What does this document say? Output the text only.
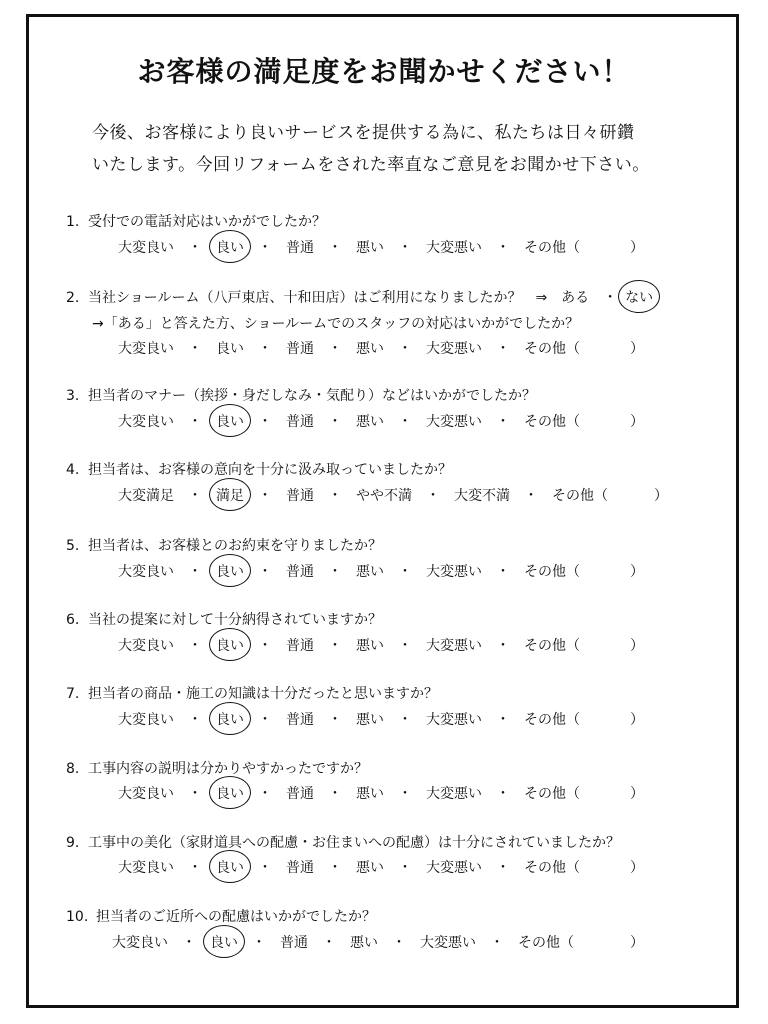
お客様の満足度をお聞かせください！
今後、お客様により良いサービスを提供する為に、私たちは日々研鑽
いたします。今回リフォームをされた率直なご意見をお聞かせ下さい。
1. 受付での電話対応はいかがでしたか？
大変良い ・ 良い ・ 普通 ・ 悪い ・ 大変悪い ・ その他（	）
2. 当社ショールーム（八戸東店、十和田店）はご利用になりましたか？　⇒　ある　・ ない
→「ある」と答えた方、ショールームでのスタッフの対応はいかがでしたか？
大変良い ・ 良い ・ 普通 ・ 悪い ・ 大変悪い ・ その他（	）
3. 担当者のマナー（挨拶・身だしなみ・気配り）などはいかがでしたか？
大変良い ・ 良い ・ 普通 ・ 悪い ・ 大変悪い ・ その他（	）
4. 担当者は、お客様の意向を十分に汲み取っていましたか？
大変満足 ・ 満足 ・ 普通 ・ やや不満 ・ 大変不満 ・ その他（	）
5. 担当者は、お客様とのお約束を守りましたか？
大変良い ・ 良い ・ 普通 ・ 悪い ・ 大変悪い ・ その他（	）
6. 当社の提案に対して十分納得されていますか？
大変良い ・ 良い ・ 普通 ・ 悪い ・ 大変悪い ・ その他（	）
7. 担当者の商品・施工の知識は十分だったと思いますか？
大変良い ・ 良い ・ 普通 ・ 悪い ・ 大変悪い ・ その他（	）
8. 工事内容の説明は分かりやすかったですか？
大変良い ・ 良い ・ 普通 ・ 悪い ・ 大変悪い ・ その他（	）
9. 工事中の美化（家財道具への配慮・お住まいへの配慮）は十分にされていましたか？
大変良い ・ 良い ・ 普通 ・ 悪い ・ 大変悪い ・ その他（	）
10. 担当者のご近所への配慮はいかがでしたか？
大変良い ・ 良い ・ 普通 ・ 悪い ・ 大変悪い ・ その他（	）
